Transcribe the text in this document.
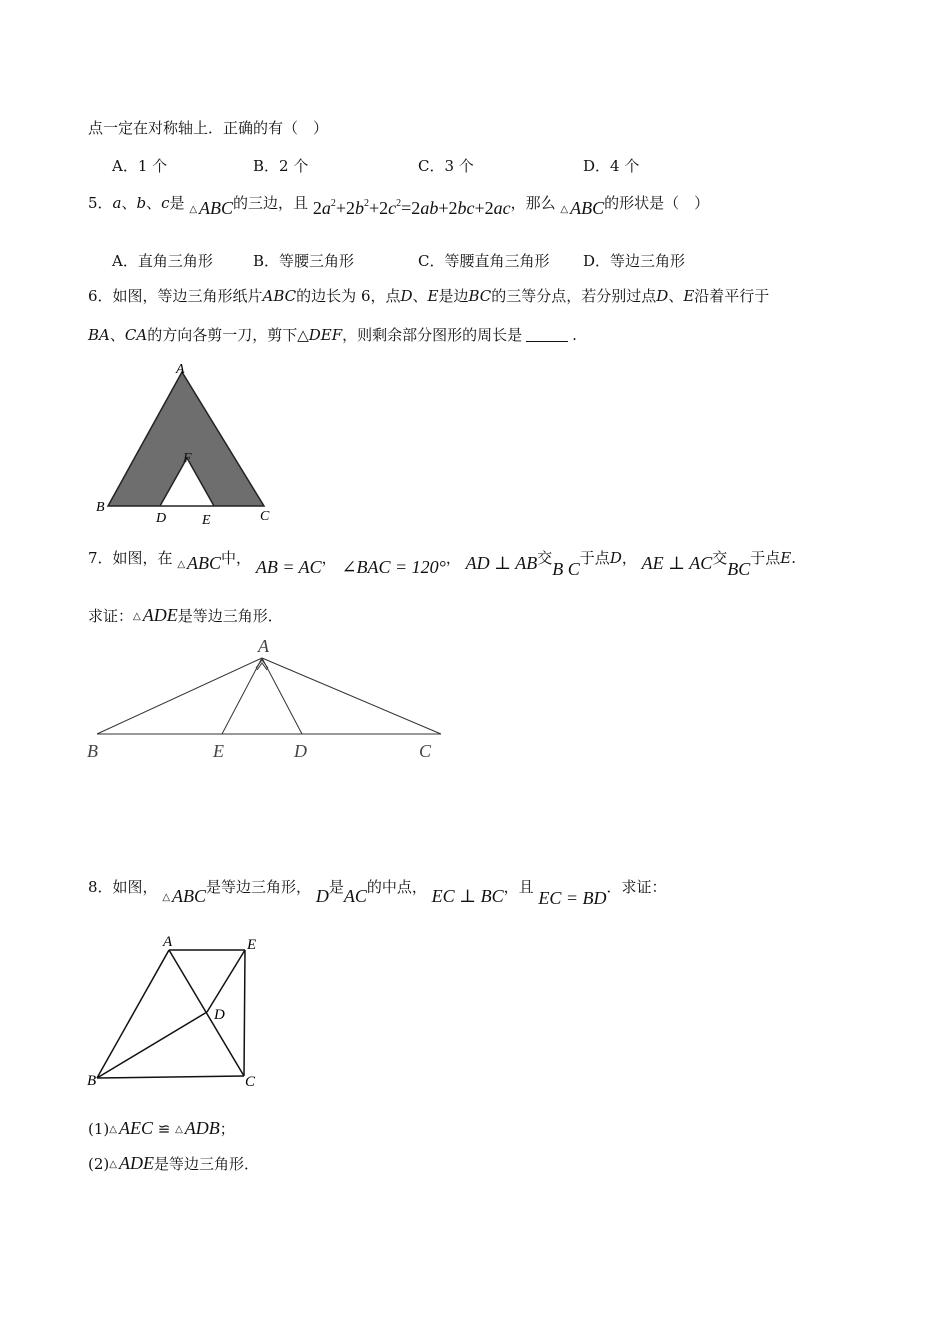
点一定在对称轴上．正确的有（　）
A．1 个	B．2 个	C．3 个	D．4 个
5．a、b、c是 △ ABC的三边，且 $2a^2+2b^2+2c^2=2ab+2bc+2ac$，那么 △ ABC的形状是（　）
A．直角三角形	B．等腰三角形	C．等腰直角三角形 D．等边三角形
6．如图，等边三角形纸片ABC的边长为 6，点D、E是边BC的三等分点，若分别过点D、E沿着平行于
BA、CA的方向各剪一刀，剪下△DEF，则剩余部分图形的周长是	.
A
B
C
D	E
F
7．如图，在 △ ABC中， AB = AC， ∠BAC = 120°， AD ⊥ AB交B C于点D， AE ⊥ AC交BC于点E.
求证：△ ADE是等边三角形．
A
B	E	D	C
8．如图， △ ABC是等边三角形， D是AC的中点， EC ⊥ BC，且 EC = BD．求证：
A	E
D
B	C
(1)△ AEC ≌ △ ADB；
(2)△ ADE是等边三角形．
